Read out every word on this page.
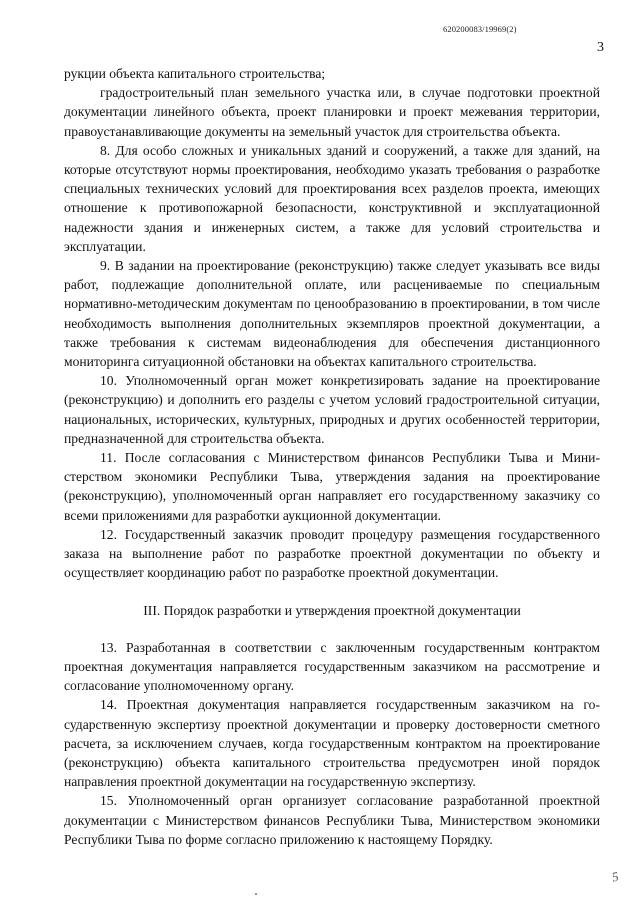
620200083/19969(2)
3

рукции объекта капитального строительства;

градостроительный план земельного участка или, в случае подготовки проектной документации линейного объекта, проект планировки и проект межевания территории, правоустанавливающие документы на земельный участок для строительства объекта.

8. Для особо сложных и уникальных зданий и сооружений, а также для зданий, на которые отсутствуют нормы проектирования, необходимо указать требования о разработке специальных технических условий для проектирования всех разделов проекта, имеющих отношение к противопожарной безопасности, конструктивной и эксплуатационной надежности здания и инженерных систем, а также для условий строительства и эксплуатации.

9. В задании на проектирование (реконструкцию) также следует указывать все виды работ, подлежащие дополнительной оплате, или расцениваемые по специальным нормативно-методическим документам по ценообразованию в проектировании, в том числе необходимость выполнения дополнительных экземпляров проектной документации, а также требования к системам видеонаблюдения для обеспечения дистанционного мониторинга ситуационной обстановки на объектах капитального строительства.

10. Уполномоченный орган может конкретизировать задание на проектирование (реконструкцию) и дополнить его разделы с учетом условий градостроительной ситуации, национальных, исторических, культурных, природных и других особенностей территории, предназначенной для строительства объекта.

11. После согласования с Министерством финансов Республики Тыва и Министерством экономики Республики Тыва, утверждения задания на проектирование (реконструкцию), уполномоченный орган направляет его государственному заказчику со всеми приложениями для разработки аукционной документации.

12. Государственный заказчик проводит процедуру размещения государственного заказа на выполнение работ по разработке проектной документации по объекту и осуществляет координацию работ по разработке проектной документации.

III. Порядок разработки и утверждения проектной документации

13. Разработанная в соответствии с заключенным государственным контрактом проектная документация направляется государственным заказчиком на рассмотрение и согласование уполномоченному органу.

14. Проектная документация направляется государственным заказчиком на государственную экспертизу проектной документации и проверку достоверности сметного расчета, за исключением случаев, когда государственным контрактом на проектирование (реконструкцию) объекта капитального строительства предусмотрен иной порядок направления проектной документации на государственную экспертизу.

15. Уполномоченный орган организует согласование разработанной проектной документации с Министерством финансов Республики Тыва, Министерством экономики Республики Тыва по форме согласно приложению к настоящему Порядку.

5
